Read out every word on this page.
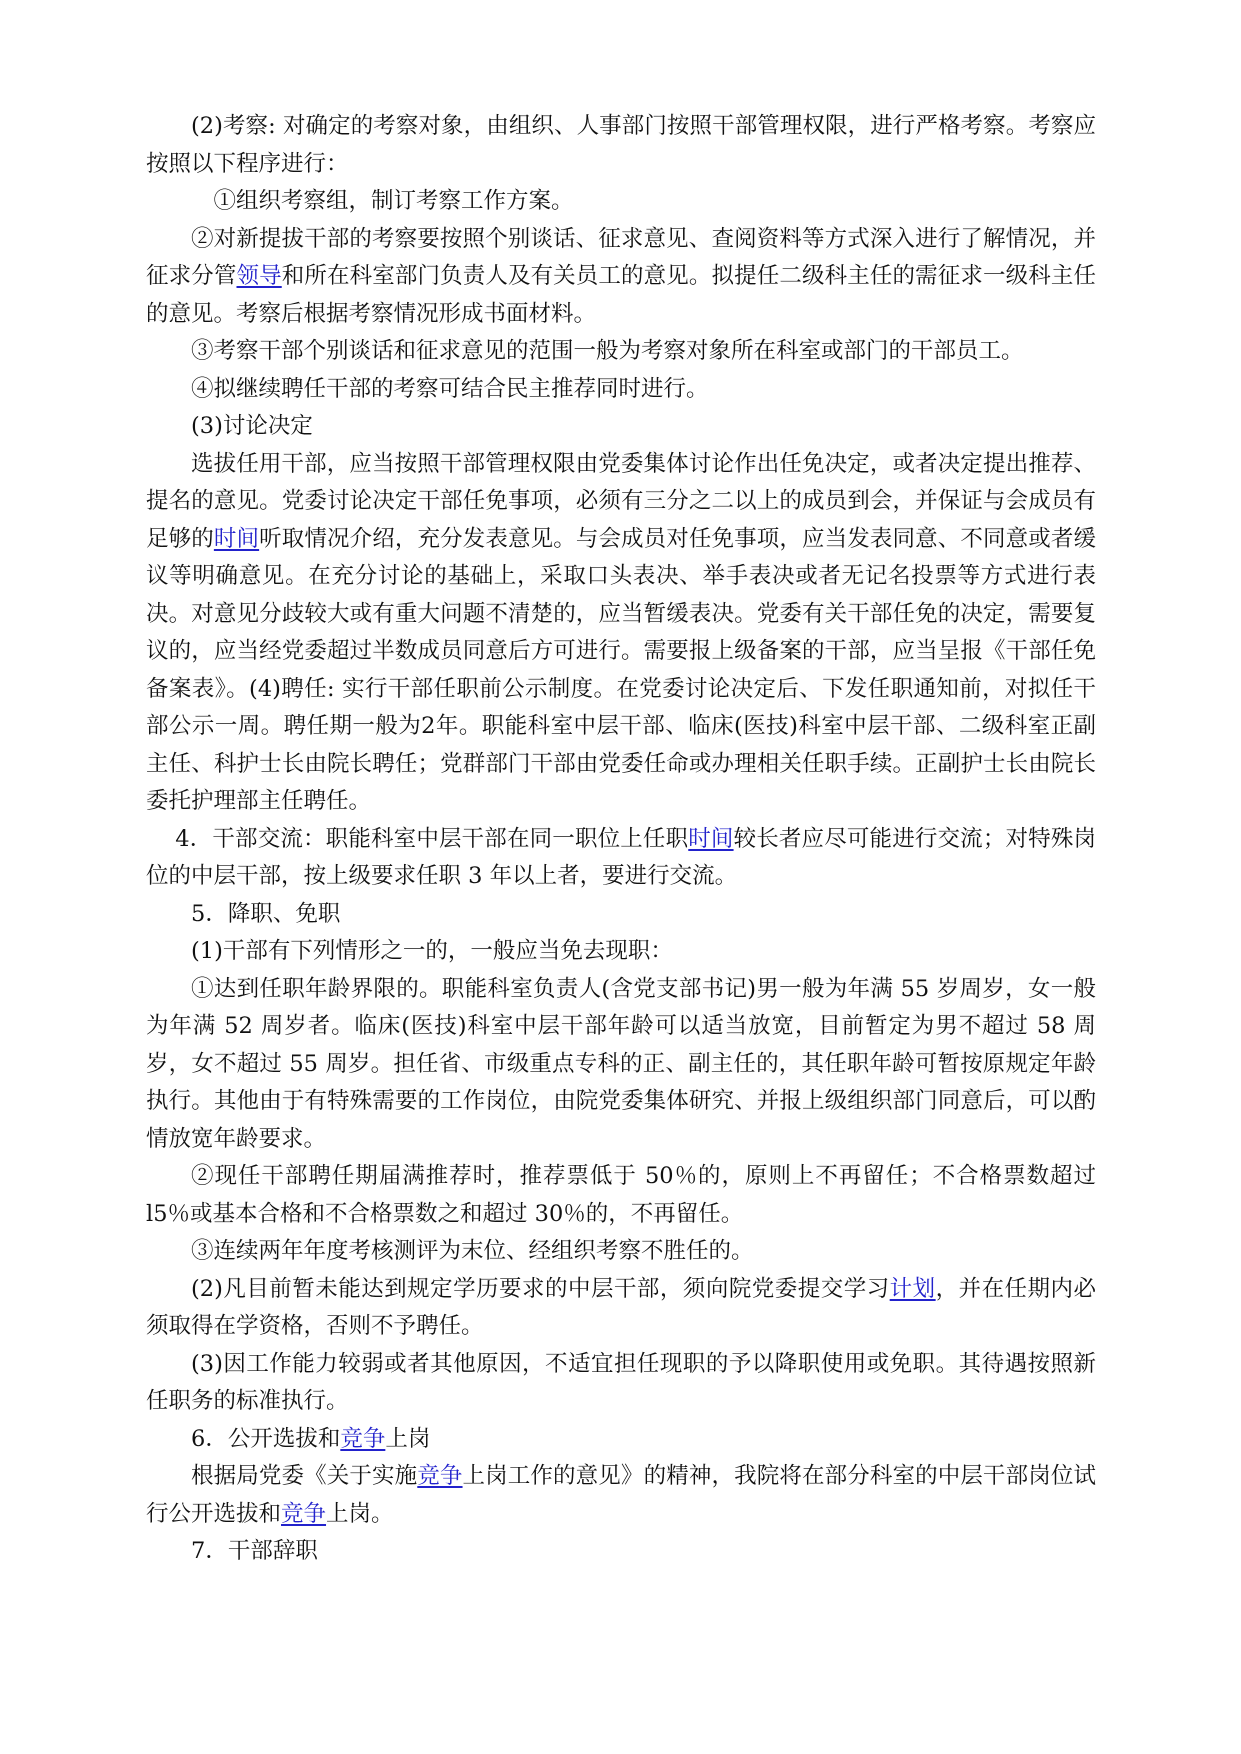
(2)考察: 对确定的考察对象，由组织、人事部门按照干部管理权限，进行严格考察。考察应按照以下程序进行：

①组织考察组，制订考察工作方案。

②对新提拔干部的考察要按照个别谈话、征求意见、查阅资料等方式深入进行了解情况，并征求分管领导和所在科室部门负责人及有关员工的意见。拟提任二级科主任的需征求一级科主任的意见。考察后根据考察情况形成书面材料。

③考察干部个别谈话和征求意见的范围一般为考察对象所在科室或部门的干部员工。

④拟继续聘任干部的考察可结合民主推荐同时进行。

(3)讨论决定

选拔任用干部，应当按照干部管理权限由党委集体讨论作出任免决定，或者决定提出推荐、提名的意见。党委讨论决定干部任免事项，必须有三分之二以上的成员到会，并保证与会成员有足够的时间听取情况介绍，充分发表意见。与会成员对任免事项，应当发表同意、不同意或者缓议等明确意见。在充分讨论的基础上，采取口头表决、举手表决或者无记名投票等方式进行表决。对意见分歧较大或有重大问题不清楚的，应当暂缓表决。党委有关干部任免的决定，需要复议的，应当经党委超过半数成员同意后方可进行。需要报上级备案的干部，应当呈报《干部任免备案表》。(4)聘任: 实行干部任职前公示制度。在党委讨论决定后、下发任职通知前，对拟任干部公示一周。聘任期一般为2年。职能科室中层干部、临床(医技)科室中层干部、二级科室正副主任、科护士长由院长聘任；党群部门干部由党委任命或办理相关任职手续。正副护士长由院长委托护理部主任聘任。

4．干部交流：职能科室中层干部在同一职位上任职时间较长者应尽可能进行交流；对特殊岗位的中层干部，按上级要求任职 3 年以上者，要进行交流。

5．降职、免职

(1)干部有下列情形之一的，一般应当免去现职：

①达到任职年龄界限的。职能科室负责人(含党支部书记)男一般为年满 55 岁周岁，女一般为年满 52 周岁者。临床(医技)科室中层干部年龄可以适当放宽，目前暂定为男不超过 58 周岁，女不超过 55 周岁。担任省、市级重点专科的正、副主任的，其任职年龄可暂按原规定年龄执行。其他由于有特殊需要的工作岗位，由院党委集体研究、并报上级组织部门同意后，可以酌情放宽年龄要求。

②现任干部聘任期届满推荐时，推荐票低于 50％的，原则上不再留任；不合格票数超过 l5％或基本合格和不合格票数之和超过 30％的，不再留任。

③连续两年年度考核测评为末位、经组织考察不胜任的。

(2)凡目前暂未能达到规定学历要求的中层干部，须向院党委提交学习计划，并在任期内必须取得在学资格，否则不予聘任。

(3)因工作能力较弱或者其他原因，不适宜担任现职的予以降职使用或免职。其待遇按照新任职务的标准执行。

6．公开选拔和竞争上岗

根据局党委《关于实施竞争上岗工作的意见》的精神，我院将在部分科室的中层干部岗位试行公开选拔和竞争上岗。

7．干部辞职
